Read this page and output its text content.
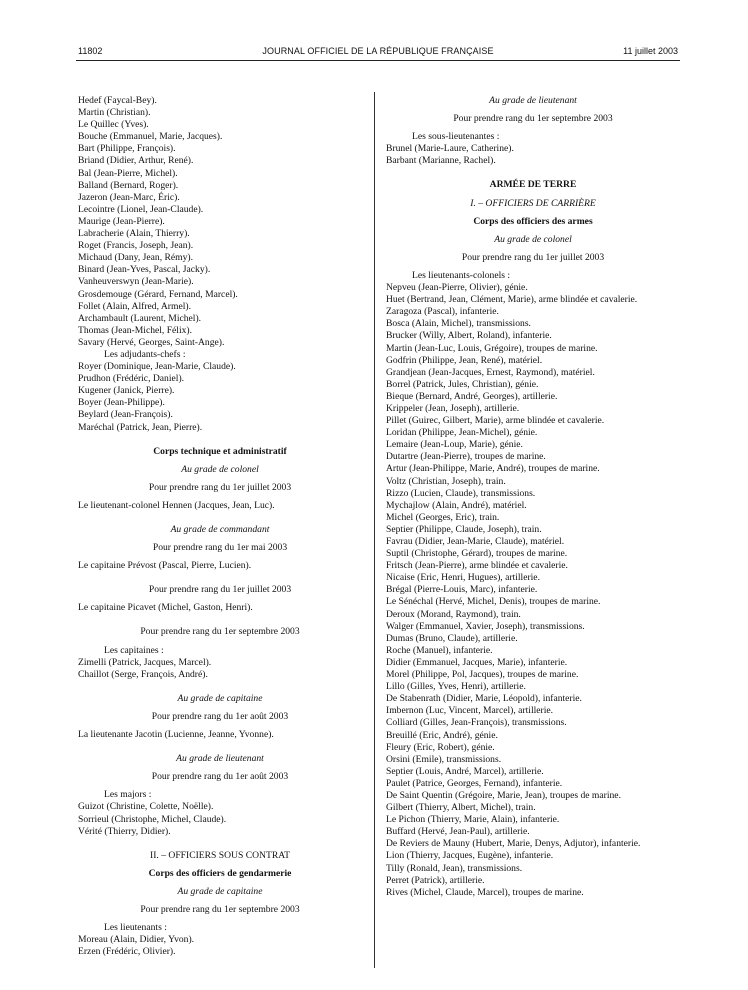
11802	JOURNAL OFFICIEL DE LA RÉPUBLIQUE FRANÇAISE	11 juillet 2003

Hedef (Faycal-Bey).

Martin (Christian).

Le Quillec (Yves).

Bouche (Emmanuel, Marie, Jacques).

Bart (Philippe, François).

Briand (Didier, Arthur, René).

Bal (Jean-Pierre, Michel).

Balland (Bernard, Roger).

Jazeron (Jean-Marc, Éric).

Lecointre (Lionel, Jean-Claude).

Maurige (Jean-Pierre).

Labracherie (Alain, Thierry).

Roget (Francis, Joseph, Jean).

Michaud (Dany, Jean, Rémy).

Binard (Jean-Yves, Pascal, Jacky).

Vanheuverswyn (Jean-Marie).

Grosdemouge (Gérard, Fernand, Marcel).

Follet (Alain, Alfred, Armel).

Archambault (Laurent, Michel).

Thomas (Jean-Michel, Félix).

Savary (Hervé, Georges, Saint-Ange).

Les adjudants-chefs :

Royer (Dominique, Jean-Marie, Claude).

Prudhon (Frédéric, Daniel).

Kugener (Janick, Pierre).

Boyer (Jean-Philippe).

Beylard (Jean-François).

Maréchal (Patrick, Jean, Pierre).

Corps technique et administratif

Au grade de colonel

Pour prendre rang du 1er juillet 2003

Le lieutenant-colonel Hennen (Jacques, Jean, Luc).

Au grade de commandant

Pour prendre rang du 1er mai 2003

Le capitaine Prévost (Pascal, Pierre, Lucien).

Pour prendre rang du 1er juillet 2003

Le capitaine Picavet (Michel, Gaston, Henri).

Pour prendre rang du 1er septembre 2003

Les capitaines :

Zimelli (Patrick, Jacques, Marcel).

Chaillot (Serge, François, André).

Au grade de capitaine

Pour prendre rang du 1er août 2003

La lieutenante Jacotin (Lucienne, Jeanne, Yvonne).

Au grade de lieutenant

Pour prendre rang du 1er août 2003

Les majors :

Guizot (Christine, Colette, Noëlle).

Sorrieul (Christophe, Michel, Claude).

Vérité (Thierry, Didier).

II. – OFFICIERS SOUS CONTRAT

Corps des officiers de gendarmerie

Au grade de capitaine

Pour prendre rang du 1er septembre 2003

Les lieutenants :

Moreau (Alain, Didier, Yvon).

Erzen (Frédéric, Olivier).

Au grade de lieutenant

Pour prendre rang du 1er septembre 2003

Les sous-lieutenantes :

Brunel (Marie-Laure, Catherine).

Barbant (Marianne, Rachel).

ARMÉE DE TERRE

I. – OFFICIERS DE CARRIÈRE

Corps des officiers des armes

Au grade de colonel

Pour prendre rang du 1er juillet 2003

Les lieutenants-colonels :

Nepveu (Jean-Pierre, Olivier), génie.

Huet (Bertrand, Jean, Clément, Marie), arme blindée et cavalerie.

Zaragoza (Pascal), infanterie.

Bosca (Alain, Michel), transmissions.

Brucker (Willy, Albert, Roland), infanterie.

Martin (Jean-Luc, Louis, Grégoire), troupes de marine.

Godfrin (Philippe, Jean, René), matériel.

Grandjean (Jean-Jacques, Ernest, Raymond), matériel.

Borrel (Patrick, Jules, Christian), génie.

Bieque (Bernard, André, Georges), artillerie.

Krippeler (Jean, Joseph), artillerie.

Pillet (Guirec, Gilbert, Marie), arme blindée et cavalerie.

Loridan (Philippe, Jean-Michel), génie.

Lemaire (Jean-Loup, Marie), génie.

Dutartre (Jean-Pierre), troupes de marine.

Artur (Jean-Philippe, Marie, André), troupes de marine.

Voltz (Christian, Joseph), train.

Rizzo (Lucien, Claude), transmissions.

Mychajlow (Alain, André), matériel.

Michel (Georges, Eric), train.

Septier (Philippe, Claude, Joseph), train.

Favrau (Didier, Jean-Marie, Claude), matériel.

Suptil (Christophe, Gérard), troupes de marine.

Fritsch (Jean-Pierre), arme blindée et cavalerie.

Nicaise (Eric, Henri, Hugues), artillerie.

Brégal (Pierre-Louis, Marc), infanterie.

Le Sénéchal (Hervé, Michel, Denis), troupes de marine.

Deroux (Morand, Raymond), train.

Walger (Emmanuel, Xavier, Joseph), transmissions.

Dumas (Bruno, Claude), artillerie.

Roche (Manuel), infanterie.

Didier (Emmanuel, Jacques, Marie), infanterie.

Morel (Philippe, Pol, Jacques), troupes de marine.

Lillo (Gilles, Yves, Henri), artillerie.

De Stabenrath (Didier, Marie, Léopold), infanterie.

Imbernon (Luc, Vincent, Marcel), artillerie.

Colliard (Gilles, Jean-François), transmissions.

Breuillé (Eric, André), génie.

Fleury (Eric, Robert), génie.

Orsini (Emile), transmissions.

Septier (Louis, André, Marcel), artillerie.

Paulet (Patrice, Georges, Fernand), infanterie.

De Saint Quentin (Grégoire, Marie, Jean), troupes de marine.

Gilbert (Thierry, Albert, Michel), train.

Le Pichon (Thierry, Marie, Alain), infanterie.

Buffard (Hervé, Jean-Paul), artillerie.

De Reviers de Mauny (Hubert, Marie, Denys, Adjutor), infanterie.

Lion (Thierry, Jacques, Eugène), infanterie.

Tilly (Ronald, Jean), transmissions.

Perret (Patrick), artillerie.

Rives (Michel, Claude, Marcel), troupes de marine.
